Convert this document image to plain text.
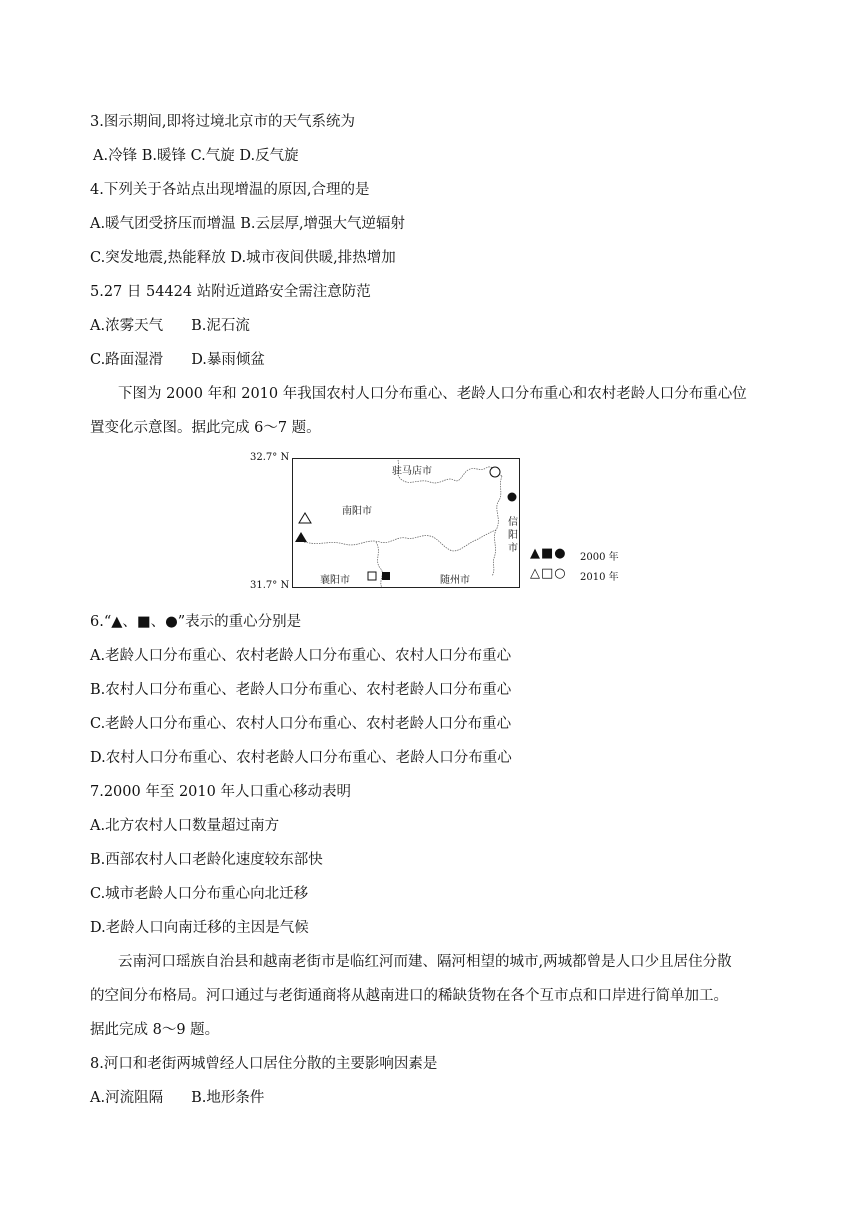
3.图示期间,即将过境北京市的天气系统为
A.冷锋 B.暖锋 C.气旋 D.反气旋
4.下列关于各站点出现增温的原因,合理的是
A.暖气团受挤压而增温 B.云层厚,增强大气逆辐射
C.突发地震,热能释放 D.城市夜间供暖,排热增加
5.27 日 54424 站附近道路安全需注意防范
A.浓雾天气 B.泥石流
C.路面湿滑 D.暴雨倾盆
下图为 2000 年和 2010 年我国农村人口分布重心、老龄人口分布重心和农村老龄人口分布重心位
置变化示意图。据此完成 6～7 题。
32.7° N
31.7° N
驻马店市
南阳市
信阳市
襄阳市	随州市
▲■● 2000 年
△□○ 2010 年
6.“▲、■、●”表示的重心分别是
A.老龄人口分布重心、农村老龄人口分布重心、农村人口分布重心
B.农村人口分布重心、老龄人口分布重心、农村老龄人口分布重心
C.老龄人口分布重心、农村人口分布重心、农村老龄人口分布重心
D.农村人口分布重心、农村老龄人口分布重心、老龄人口分布重心
7.2000 年至 2010 年人口重心移动表明
A.北方农村人口数量超过南方
B.西部农村人口老龄化速度较东部快
C.城市老龄人口分布重心向北迁移
D.老龄人口向南迁移的主因是气候
云南河口瑶族自治县和越南老街市是临红河而建、隔河相望的城市,两城都曾是人口少且居住分散
的空间分布格局。河口通过与老街通商将从越南进口的稀缺货物在各个互市点和口岸进行简单加工。
据此完成 8～9 题。
8.河口和老街两城曾经人口居住分散的主要影响因素是
A.河流阻隔 B.地形条件
